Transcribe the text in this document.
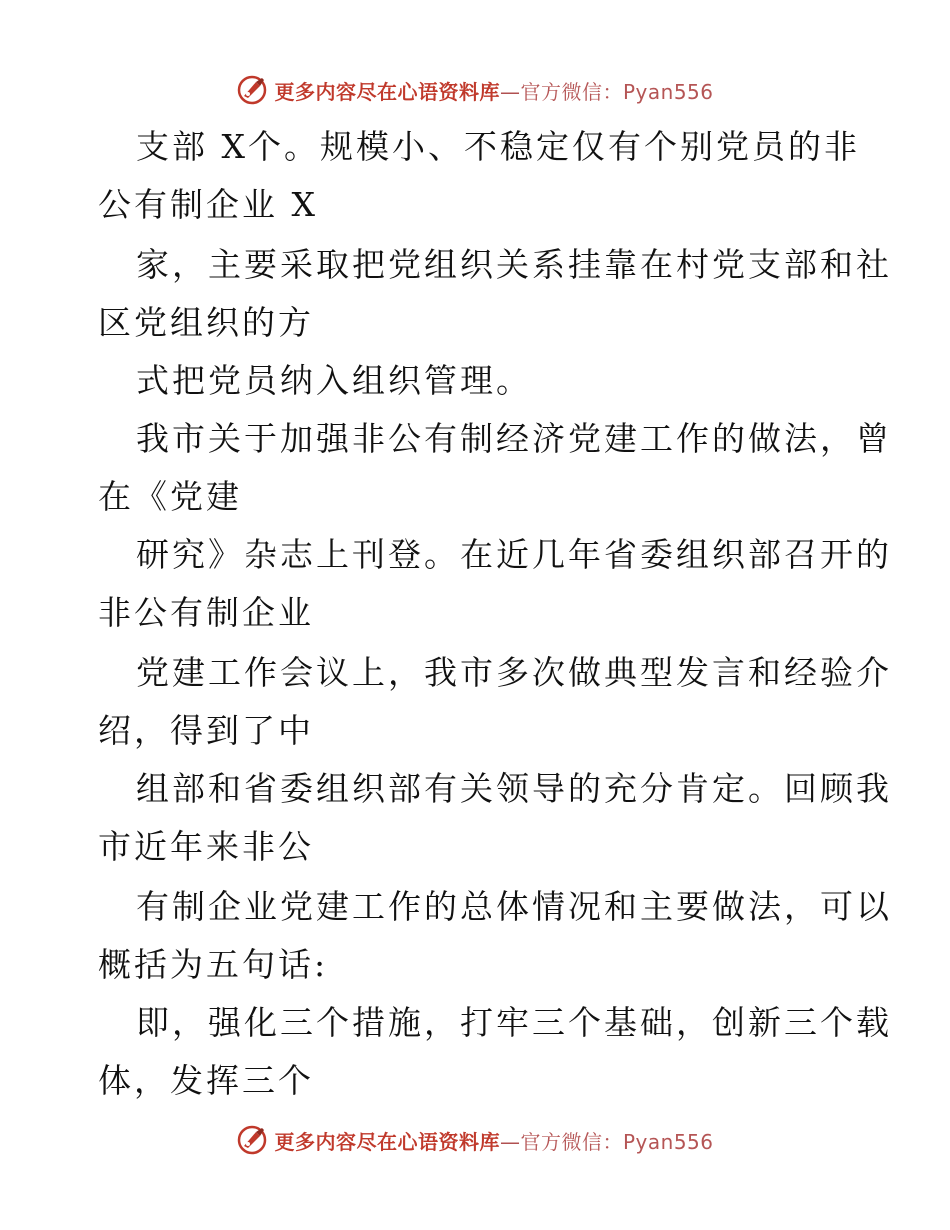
更多内容尽在心语资料库—官方微信：Pyan556
支部 X个。规模小、不稳定仅有个别党员的非
公有制企业 X
家，主要采取把党组织关系挂靠在村党支部和社
区党组织的方
式把党员纳入组织管理。
我市关于加强非公有制经济党建工作的做法，曾
在《党建
研究》杂志上刊登。在近几年省委组织部召开的
非公有制企业
党建工作会议上，我市多次做典型发言和经验介
绍，得到了中
组部和省委组织部有关领导的充分肯定。回顾我
市近年来非公
有制企业党建工作的总体情况和主要做法，可以
概括为五句话:
即，强化三个措施，打牢三个基础，创新三个载
体，发挥三个
更多内容尽在心语资料库—官方微信：Pyan556
